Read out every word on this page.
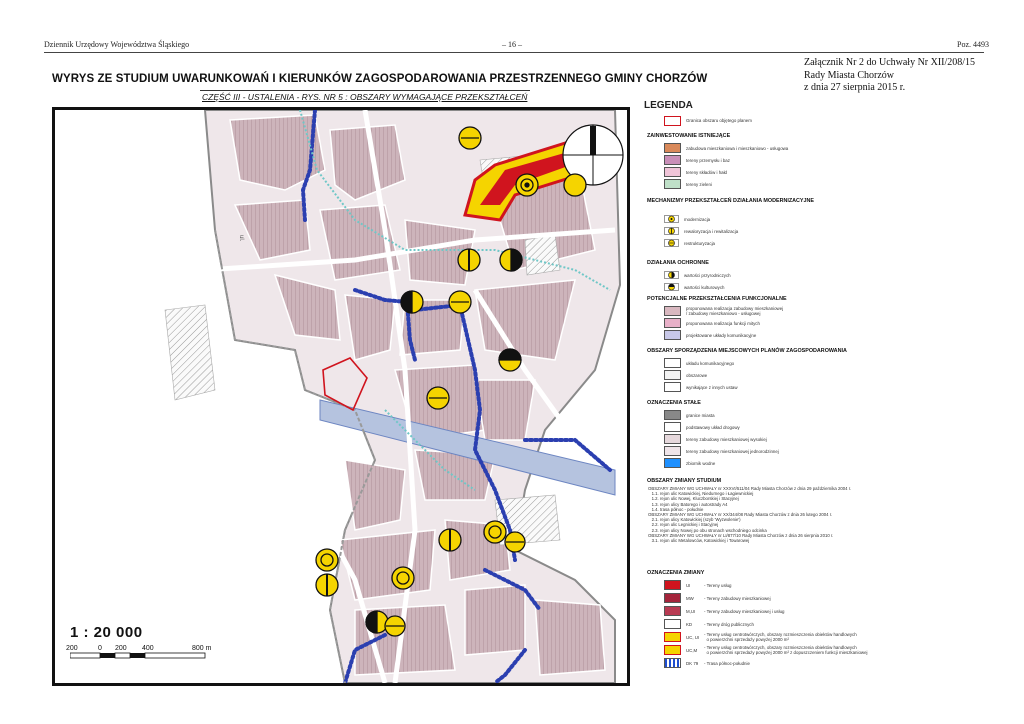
Dziennik Urzędowy Województwa Śląskiego	– 16 –	Poz. 4493
Załącznik Nr 2 do Uchwały Nr XII/208/15
Rady Miasta Chorzów
z dnia 27 sierpnia 2015 r.
WYRYS ZE STUDIUM UWARUNKOWAŃ I KIERUNKÓW ZAGOSPODAROWANIA PRZESTRZENNEGO GMINY CHORZÓW
CZĘŚĆ III - USTALENIA - RYS. NR 5 : OBSZARY WYMAGAJĄCE PRZEKSZTAŁCEŃ
ul.
1 : 20 000
200	0 200 400	800 m
LEGENDA
Granica obszaru objętego planem
ZAINWESTOWANIE ISTNIEJĄCE
zabudowa mieszkaniowa i mieszkaniowo - usługowa
tereny przemysłu i baz
tereny składów i hałd
tereny zieleni
MECHANIZMY PRZEKSZTAŁCEŃ DZIAŁANIA MODERNIZACYJNE
modernizacja
rewaloryzacja i rewitalizacja
restrukturyzacja
DZIAŁANIA OCHRONNE
wartości przyrodniczych
wartości kulturowych
POTENCJALNE PRZEKSZTAŁCENIA FUNKCJONALNE
proponowana realizacja zabudowy mieszkaniowej
/ zabudowy mieszkaniowo - usługowej
proponowana realizacja funkcji mitych
projektowane układy komunikacyjne
OBSZARY SPORZĄDZENIA MIEJSCOWYCH PLANÓW ZAGOSPODAROWANIA
układu komunikacyjnego
obszarowe
wynikające z innych ustaw
OZNACZENIA STAŁE
granice miasta
podstawowy układ drogowy
tereny zabudowy mieszkaniowej wysokiej
tereny zabudowy mieszkaniowej jednorodzinnej
zbiornik wodne
OBSZARY ZMIANY STUDIUM
OBSZARY ZMIANY WG UCHWAŁY nr XXXVI/511/04 Rady Miasta Chorzów z dnia 29 października 2004 r.
1.1. rejon ulic Katowickiej, Niedurnego i Łagiewnickiej
1.2. rejon ulic Nowej, Kluczborskiej i Stacyjnej
1.3. rejon ulicy Batorego i autostrady A4
1.4. trasa północ - południe
OBSZARY ZMIANY WG UCHWAŁY nr XX/344/08 Rady Miasta Chorzów z dnia 26 lutego 2004 r.
2.1. rejon ulicy Katowickiej (szyb 'Wyzwolenie')
2.2. rejon ulic Legnickiej i Stacyjnej
2.3. rejon ulicy Nowej po obu stronach wschodniego odcinka
OBSZARY ZMIANY WG UCHWAŁY nr LI/877/10 Rady Miasta Chorzów z dnia 26 sierpnia 2010 r.
3.1. rejon ulic Metalowców, Katowickiej i Towarowej
OZNACZENIA ZMIANY
UI	- Tereny usług
MW	- Tereny zabudowy mieszkaniowej
M,UI	- Tereny zabudowy mieszkaniowej i usług
KD	- Tereny dróg publicznych
UC, UI	- Tereny usług centrotwórczych, obszary rozmieszczenia obiektów handlowych
o powierzchni sprzedaży powyżej 2000 m²
UC,M	- Tereny usług centrotwórczych, obszary rozmieszczenia obiektów handlowych
o powierzchni sprzedaży powyżej 2000 m² z dopuszczeniem funkcji mieszkaniowej
DK 79	- Trasa północ-południe
